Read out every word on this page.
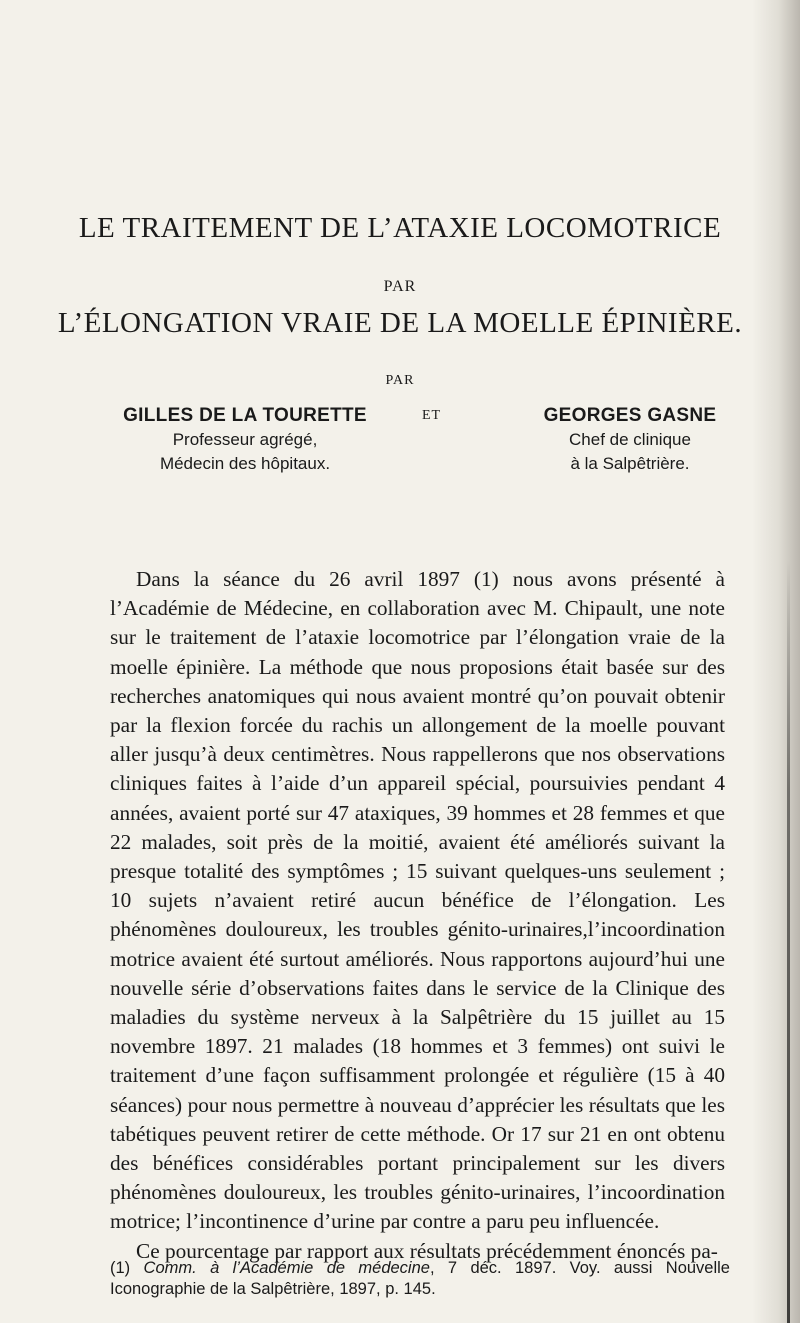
LE TRAITEMENT DE L’ATAXIE LOCOMOTRICE
PAR
L’ÉLONGATION VRAIE DE LA MOELLE ÉPINIÈRE.
PAR
GILLES DE LA TOURETTE
Professeur agrégé,
Médecin des hôpitaux.
ET	GEORGES GASNE
Chef de clinique
à la Salpêtrière.

Dans la séance du 26 avril 1897 (1) nous avons présenté à l’Académie de Médecine, en collaboration avec M. Chipault, une note sur le traitement de l’ataxie locomotrice par l’élongation vraie de la moelle épinière. La méthode que nous proposions était basée sur des recherches anatomiques qui nous avaient montré qu’on pouvait obtenir par la flexion forcée du rachis un allongement de la moelle pouvant aller jusqu’à deux centimètres. Nous rappellerons que nos observations cliniques faites à l’aide d’un appareil spécial, poursuivies pendant 4 années, avaient porté sur 47 ataxiques, 39 hommes et 28 femmes et que 22 malades, soit près de la moitié, avaient été améliorés suivant la presque totalité des symptômes ; 15 suivant quelques-uns seulement ; 10 sujets n’avaient retiré aucun bénéfice de l’élongation. Les phénomènes douloureux, les troubles génito-urinaires,l’incoordination motrice avaient été surtout améliorés. Nous rapportons aujourd’hui une nouvelle série d’observations faites dans le service de la Clinique des maladies du système nerveux à la Salpêtrière du 15 juillet au 15 novembre 1897. 21 malades (18 hommes et 3 femmes) ont suivi le traitement d’une façon suffisamment prolongée et régulière (15 à 40 séances) pour nous permettre à nouveau d’apprécier les résultats que les tabétiques peuvent retirer de cette méthode. Or 17 sur 21 en ont obtenu des bénéfices considérables portant principalement sur les divers phénomènes douloureux, les troubles génito-urinaires, l’incoordination motrice; l’incontinence d’urine par contre a paru peu influencée.

Ce pourcentage par rapport aux résultats précédemment énoncés pa-

(1) Comm. à l’Académie de médecine, 7 déc. 1897. Voy. aussi Nouvelle Iconographie de la Salpêtrière, 1897, p. 145.
